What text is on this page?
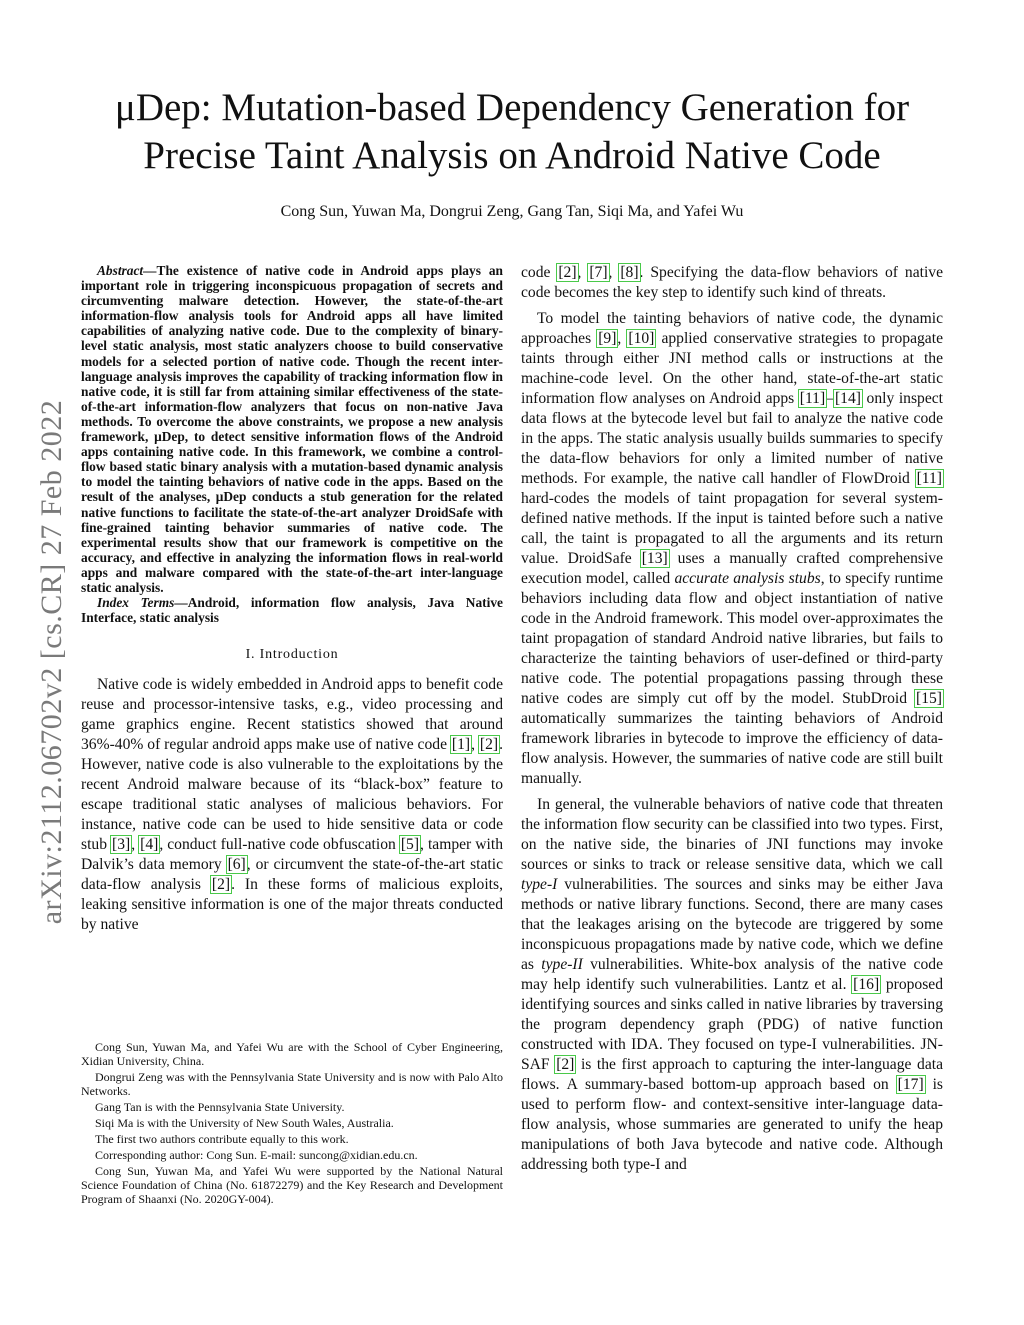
arXiv:2112.06702v2 [cs.CR] 27 Feb 2022
μDep: Mutation-based Dependency Generation for
Precise Taint Analysis on Android Native Code
Cong Sun, Yuwan Ma, Dongrui Zeng, Gang Tan, Siqi Ma, and Yafei Wu

Abstract—The existence of native code in Android apps plays an important role in triggering inconspicuous propagation of secrets and circumventing malware detection. However, the state-of-the-art information-flow analysis tools for Android apps all have limited capabilities of analyzing native code. Due to the complexity of binary-level static analysis, most static analyzers choose to build conservative models for a selected portion of native code. Though the recent inter-language analysis improves the capability of tracking information flow in native code, it is still far from attaining similar effectiveness of the state-of-the-art information-flow analyzers that focus on non-native Java methods. To overcome the above constraints, we propose a new analysis framework, μDep, to detect sensitive information flows of the Android apps containing native code. In this framework, we combine a control-flow based static binary analysis with a mutation-based dynamic analysis to model the tainting behaviors of native code in the apps. Based on the result of the analyses, μDep conducts a stub generation for the related native functions to facilitate the state-of-the-art analyzer DroidSafe with fine-grained tainting behavior summaries of native code. The experimental results show that our framework is competitive on the accuracy, and effective in analyzing the information flows in real-world apps and malware compared with the state-of-the-art inter-language static analysis.

Index Terms—Android, information flow analysis, Java Native Interface, static analysis

I. Introduction

Native code is widely embedded in Android apps to benefit code reuse and processor-intensive tasks, e.g., video processing and game graphics engine. Recent statistics showed that around 36%-40% of regular android apps make use of native code [1], [2]. However, native code is also vulnerable to the exploitations by the recent Android malware because of its “black-box” feature to escape traditional static analyses of malicious behaviors. For instance, native code can be used to hide sensitive data or code stub [3], [4], conduct full-native code obfuscation [5], tamper with Dalvik’s data memory [6], or circumvent the state-of-the-art static data-flow analysis [2]. In these forms of malicious exploits, leaking sensitive information is one of the major threats conducted by native

Cong Sun, Yuwan Ma, and Yafei Wu are with the School of Cyber Engineering, Xidian University, China.

Dongrui Zeng was with the Pennsylvania State University and is now with Palo Alto Networks.

Gang Tan is with the Pennsylvania State University.

Siqi Ma is with the University of New South Wales, Australia.

The first two authors contribute equally to this work.

Corresponding author: Cong Sun. E-mail: suncong@xidian.edu.cn.

Cong Sun, Yuwan Ma, and Yafei Wu were supported by the National Natural Science Foundation of China (No. 61872279) and the Key Research and Development Program of Shaanxi (No. 2020GY-004).

code [2], [7], [8]. Specifying the data-flow behaviors of native code becomes the key step to identify such kind of threats.

To model the tainting behaviors of native code, the dynamic approaches [9], [10] applied conservative strategies to propagate taints through either JNI method calls or instructions at the machine-code level. On the other hand, state-of-the-art static information flow analyses on Android apps [11]–[14] only inspect data flows at the bytecode level but fail to analyze the native code in the apps. The static analysis usually builds summaries to specify the data-flow behaviors for only a limited number of native methods. For example, the native call handler of FlowDroid [11] hard-codes the models of taint propagation for several system-defined native methods. If the input is tainted before such a native call, the taint is propagated to all the arguments and its return value. DroidSafe [13] uses a manually crafted comprehensive execution model, called accurate analysis stubs, to specify runtime behaviors including data flow and object instantiation of native code in the Android framework. This model over-approximates the taint propagation of standard Android native libraries, but fails to characterize the tainting behaviors of user-defined or third-party native code. The potential propagations passing through these native codes are simply cut off by the model. StubDroid [15] automatically summarizes the tainting behaviors of Android framework libraries in bytecode to improve the efficiency of data-flow analysis. However, the summaries of native code are still built manually.

In general, the vulnerable behaviors of native code that threaten the information flow security can be classified into two types. First, on the native side, the binaries of JNI functions may invoke sources or sinks to track or release sensitive data, which we call type-I vulnerabilities. The sources and sinks may be either Java methods or native library functions. Second, there are many cases that the leakages arising on the bytecode are triggered by some inconspicuous propagations made by native code, which we define as type-II vulnerabilities. White-box analysis of the native code may help identify such vulnerabilities. Lantz et al. [16] proposed identifying sources and sinks called in native libraries by traversing the program dependency graph (PDG) of native function constructed with IDA. They focused on type-I vulnerabilities. JN-SAF [2] is the first approach to capturing the inter-language data flows. A summary-based bottom-up approach based on [17] is used to perform flow- and context-sensitive inter-language data-flow analysis, whose summaries are generated to unify the heap manipulations of both Java bytecode and native code. Although addressing both type-I and
